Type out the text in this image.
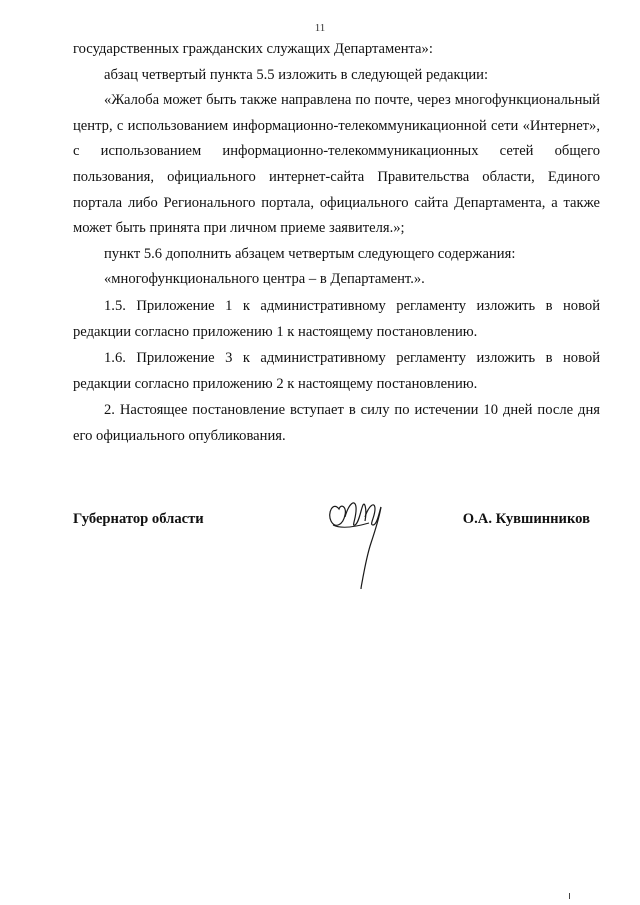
11

государственных гражданских служащих Департамента»:

абзац четвертый пункта 5.5 изложить в следующей редакции:

«Жалоба может быть также направлена по почте, через многофункциональный центр, с использованием информационно-телекоммуникационной сети «Интернет», с использованием информационно-телекоммуникационных сетей общего пользования, официального интернет-сайта Правительства области, Единого портала либо Регионального портала, официального сайта Департамента, а также может быть принята при личном приеме заявителя.»;

пункт 5.6 дополнить абзацем четвертым следующего содержания:

«многофункционального центра – в Департамент.».

1.5. Приложение 1 к административному регламенту изложить в новой редакции согласно приложению 1 к настоящему постановлению.

1.6. Приложение 3 к административному регламенту изложить в новой редакции согласно приложению 2 к настоящему постановлению.

2. Настоящее постановление вступает в силу по истечении 10 дней после дня его официального опубликования.

Губернатор области	О.А. Кувшинников
